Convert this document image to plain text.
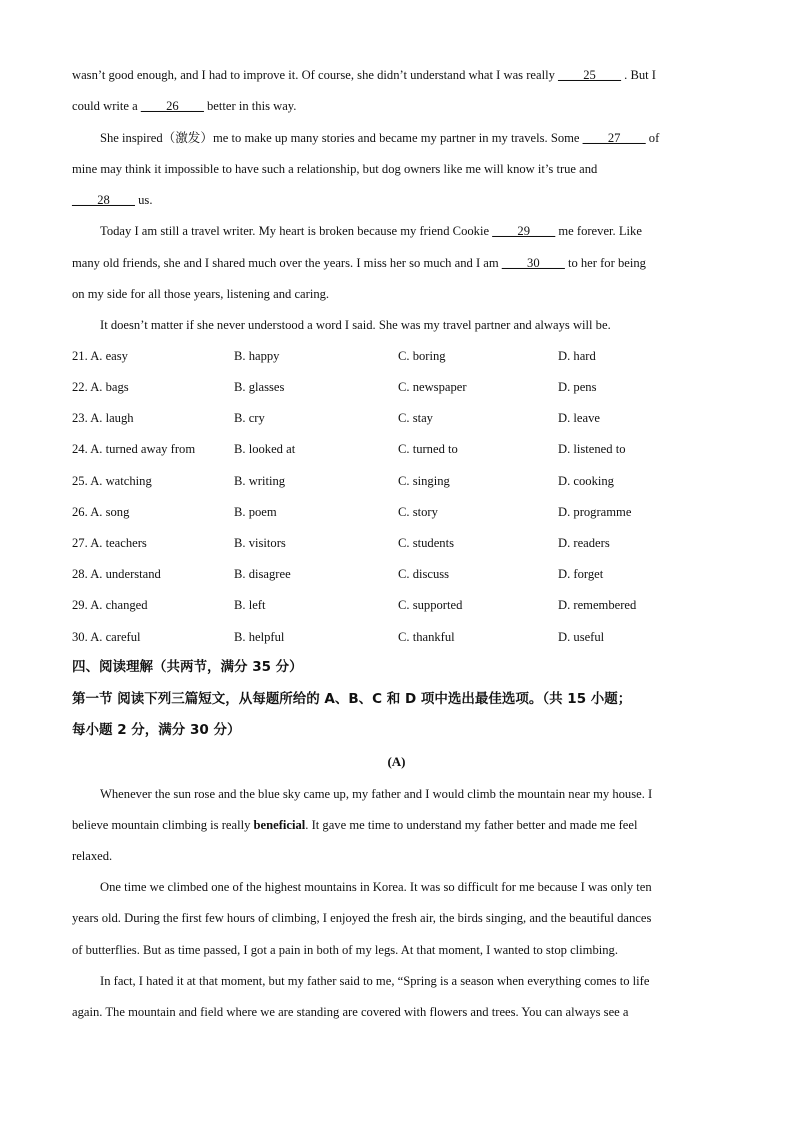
wasn’t good enough, and I had to improve it. Of course, she didn’t understand what I was really ____25____ . But I
could write a ____26____ better in this way.
She inspired（激发）me to make up many stories and became my partner in my travels. Some ____27____ of
mine may think it impossible to have such a relationship, but dog owners like me will know it’s true and
____28____ us.
Today I am still a travel writer. My heart is broken because my friend Cookie ____29____ me forever. Like
many old friends, she and I shared much over the years. I miss her so much and I am ____30____ to her for being
on my side for all those years, listening and caring.
It doesn’t matter if she never understood a word I said. She was my travel partner and always will be.
21. A. easy	B. happy	C. boring	D. hard
22. A. bags	B. glasses	C. newspaper	D. pens
23. A. laugh	B. cry	C. stay	D. leave
24. A. turned away from	B. looked at	C. turned to	D. listened to
25. A. watching	B. writing	C. singing	D. cooking
26. A. song	B. poem	C. story	D. programme
27. A. teachers	B. visitors	C. students	D. readers
28. A. understand	B. disagree	C. discuss	D. forget
29. A. changed	B. left	C. supported	D. remembered
30. A. careful	B. helpful	C. thankful	D. useful
四、阅读理解（共两节，满分 35 分）
第一节 阅读下列三篇短文，从每题所给的 A、B、C 和 D 项中选出最佳选项。（共 15 小题；
每小题 2 分，满分 30 分）
(A)
Whenever the sun rose and the blue sky came up, my father and I would climb the mountain near my house. I
believe mountain climbing is really beneficial. It gave me time to understand my father better and made me feel
relaxed.
One time we climbed one of the highest mountains in Korea. It was so difficult for me because I was only ten
years old. During the first few hours of climbing, I enjoyed the fresh air, the birds singing, and the beautiful dances
of butterflies. But as time passed, I got a pain in both of my legs. At that moment, I wanted to stop climbing.
In fact, I hated it at that moment, but my father said to me, “Spring is a season when everything comes to life
again. The mountain and field where we are standing are covered with flowers and trees. You can always see a
